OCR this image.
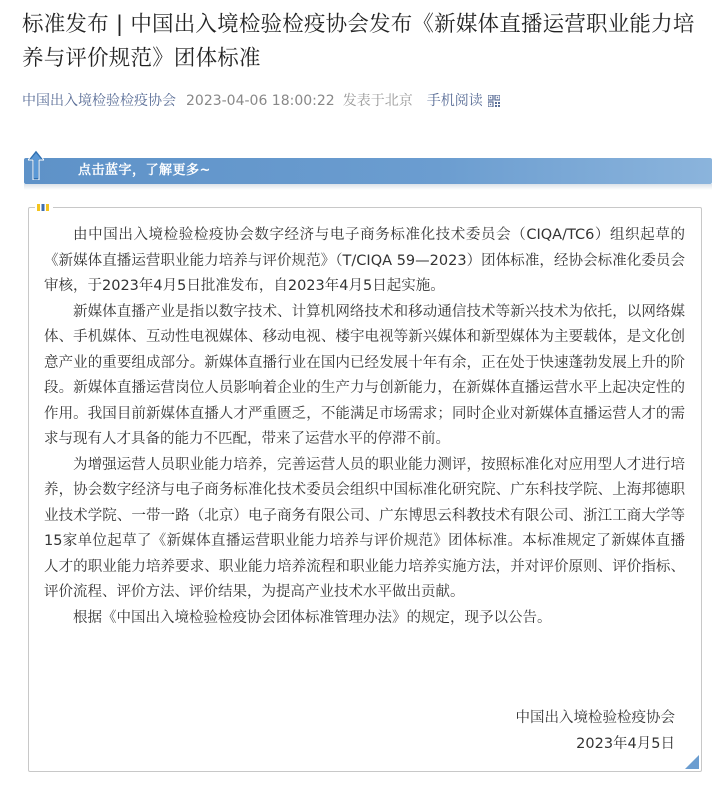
标准发布 | 中国出入境检验检疫协会发布《新媒体直播运营职业能力培养与评价规范》团体标准
中国出入境检验检疫协会 2023-04-06 18:00:22 发表于北京 手机阅读
点击蓝字，了解更多~

由中国出入境检验检疫协会数字经济与电子商务标准化技术委员会（CIQA/TC6）组织起草的《新媒体直播运营职业能力培养与评价规范》（T/CIQA 59—2023）团体标准，经协会标准化委员会审核，于2023年4月5日批准发布，自2023年4月5日起实施。

新媒体直播产业是指以数字技术、计算机网络技术和移动通信技术等新兴技术为依托，以网络媒体、手机媒体、互动性电视媒体、移动电视、楼宇电视等新兴媒体和新型媒体为主要载体，是文化创意产业的重要组成部分。新媒体直播行业在国内已经发展十年有余，正在处于快速蓬勃发展上升的阶段。新媒体直播运营岗位人员影响着企业的生产力与创新能力，在新媒体直播运营水平上起决定性的作用。我国目前新媒体直播人才严重匮乏，不能满足市场需求；同时企业对新媒体直播运营人才的需求与现有人才具备的能力不匹配，带来了运营水平的停滞不前。

为增强运营人员职业能力培养，完善运营人员的职业能力测评，按照标准化对应用型人才进行培养，协会数字经济与电子商务标准化技术委员会组织中国标准化研究院、广东科技学院、上海邦德职业技术学院、一带一路（北京）电子商务有限公司、广东博思云科教技术有限公司、浙江工商大学等15家单位起草了《新媒体直播运营职业能力培养与评价规范》团体标准。本标准规定了新媒体直播人才的职业能力培养要求、职业能力培养流程和职业能力培养实施方法，并对评价原则、评价指标、评价流程、评价方法、评价结果，为提高产业技术水平做出贡献。

根据《中国出入境检验检疫协会团体标准管理办法》的规定，现予以公告。

中国出入境检验检疫协会
2023年4月5日
